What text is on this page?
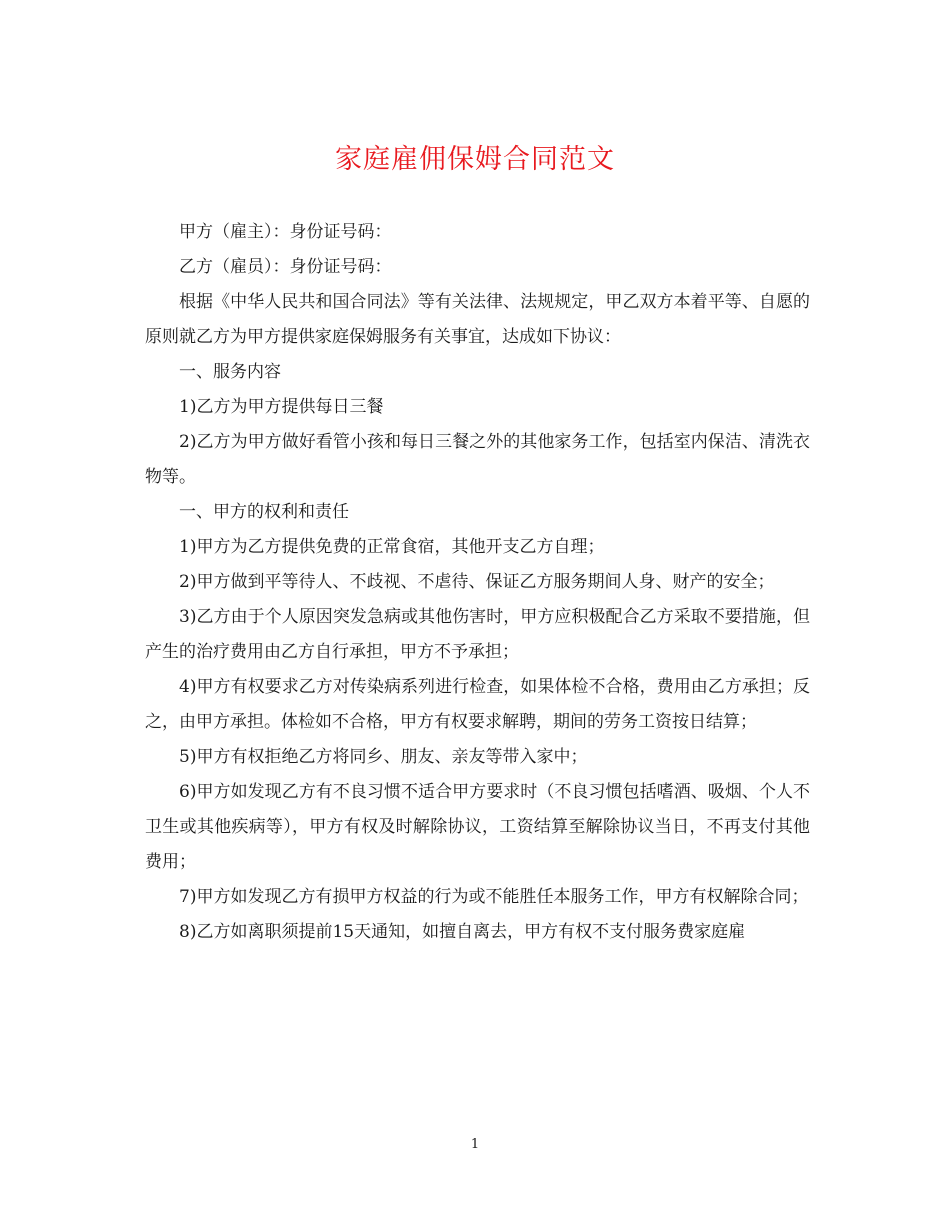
家庭雇佣保姆合同范文

甲方（雇主）：身份证号码：

乙方（雇员）：身份证号码：

根据《中华人民共和国合同法》等有关法律、法规规定，甲乙双方本着平等、自愿的原则就乙方为甲方提供家庭保姆服务有关事宜，达成如下协议：

一、服务内容

1)乙方为甲方提供每日三餐

2)乙方为甲方做好看管小孩和每日三餐之外的其他家务工作，包括室内保洁、清洗衣物等。

一、甲方的权利和责任

1)甲方为乙方提供免费的正常食宿，其他开支乙方自理；

2)甲方做到平等待人、不歧视、不虐待、保证乙方服务期间人身、财产的安全；

3)乙方由于个人原因突发急病或其他伤害时，甲方应积极配合乙方采取不要措施，但产生的治疗费用由乙方自行承担，甲方不予承担；

4)甲方有权要求乙方对传染病系列进行检查，如果体检不合格，费用由乙方承担；反之，由甲方承担。体检如不合格，甲方有权要求解聘，期间的劳务工资按日结算；

5)甲方有权拒绝乙方将同乡、朋友、亲友等带入家中；

6)甲方如发现乙方有不良习惯不适合甲方要求时（不良习惯包括嗜酒、吸烟、个人不卫生或其他疾病等），甲方有权及时解除协议，工资结算至解除协议当日，不再支付其他费用；

7)甲方如发现乙方有损甲方权益的行为或不能胜任本服务工作，甲方有权解除合同；

8)乙方如离职须提前15天通知，如擅自离去，甲方有权不支付服务费家庭雇

1
